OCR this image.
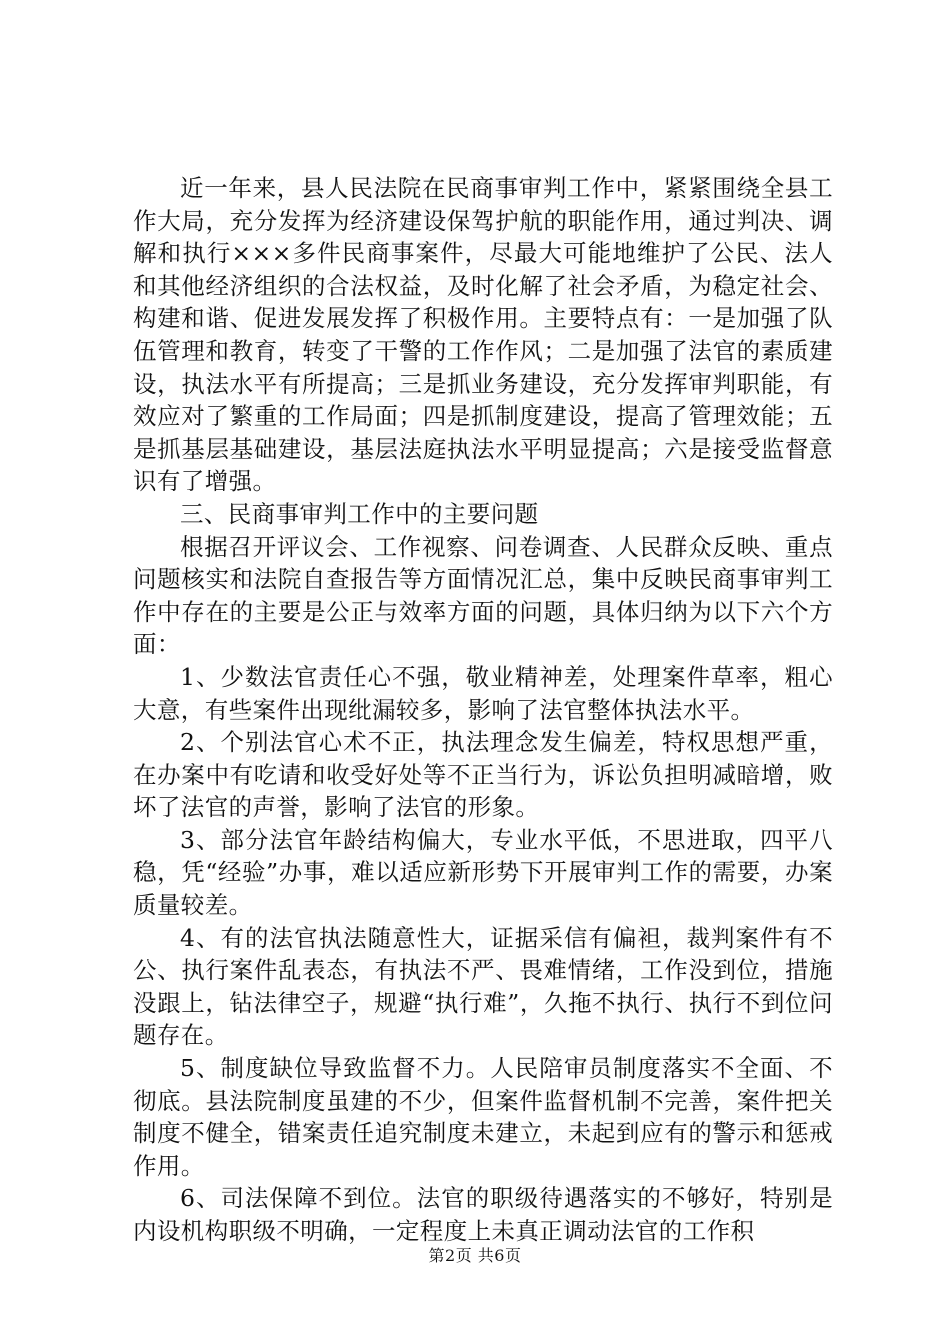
近一年来，县人民法院在民商事审判工作中，紧紧围绕全县工作大局，充分发挥为经济建设保驾护航的职能作用，通过判决、调解和执行×××多件民商事案件，尽最大可能地维护了公民、法人和其他经济组织的合法权益，及时化解了社会矛盾，为稳定社会、构建和谐、促进发展发挥了积极作用。主要特点有：一是加强了队伍管理和教育，转变了干警的工作作风；二是加强了法官的素质建设，执法水平有所提高；三是抓业务建设，充分发挥审判职能，有效应对了繁重的工作局面；四是抓制度建设，提高了管理效能；五是抓基层基础建设，基层法庭执法水平明显提高；六是接受监督意识有了增强。

三、民商事审判工作中的主要问题

根据召开评议会、工作视察、问卷调查、人民群众反映、重点问题核实和法院自查报告等方面情况汇总，集中反映民商事审判工作中存在的主要是公正与效率方面的问题，具体归纳为以下六个方面：

1、少数法官责任心不强，敬业精神差，处理案件草率，粗心大意，有些案件出现纰漏较多，影响了法官整体执法水平。

2、个别法官心术不正，执法理念发生偏差，特权思想严重，在办案中有吃请和收受好处等不正当行为，诉讼负担明减暗增，败坏了法官的声誉，影响了法官的形象。

3、部分法官年龄结构偏大，专业水平低，不思进取，四平八稳，凭“经验”办事，难以适应新形势下开展审判工作的需要，办案质量较差。

4、有的法官执法随意性大，证据采信有偏袒，裁判案件有不公、执行案件乱表态，有执法不严、畏难情绪，工作没到位，措施没跟上，钻法律空子，规避“执行难”，久拖不执行、执行不到位问题存在。

5、制度缺位导致监督不力。人民陪审员制度落实不全面、不彻底。县法院制度虽建的不少，但案件监督机制不完善，案件把关制度不健全，错案责任追究制度未建立，未起到应有的警示和惩戒作用。

6、司法保障不到位。法官的职级待遇落实的不够好，特别是内设机构职级不明确，一定程度上未真正调动法官的工作积

第2页 共6页
